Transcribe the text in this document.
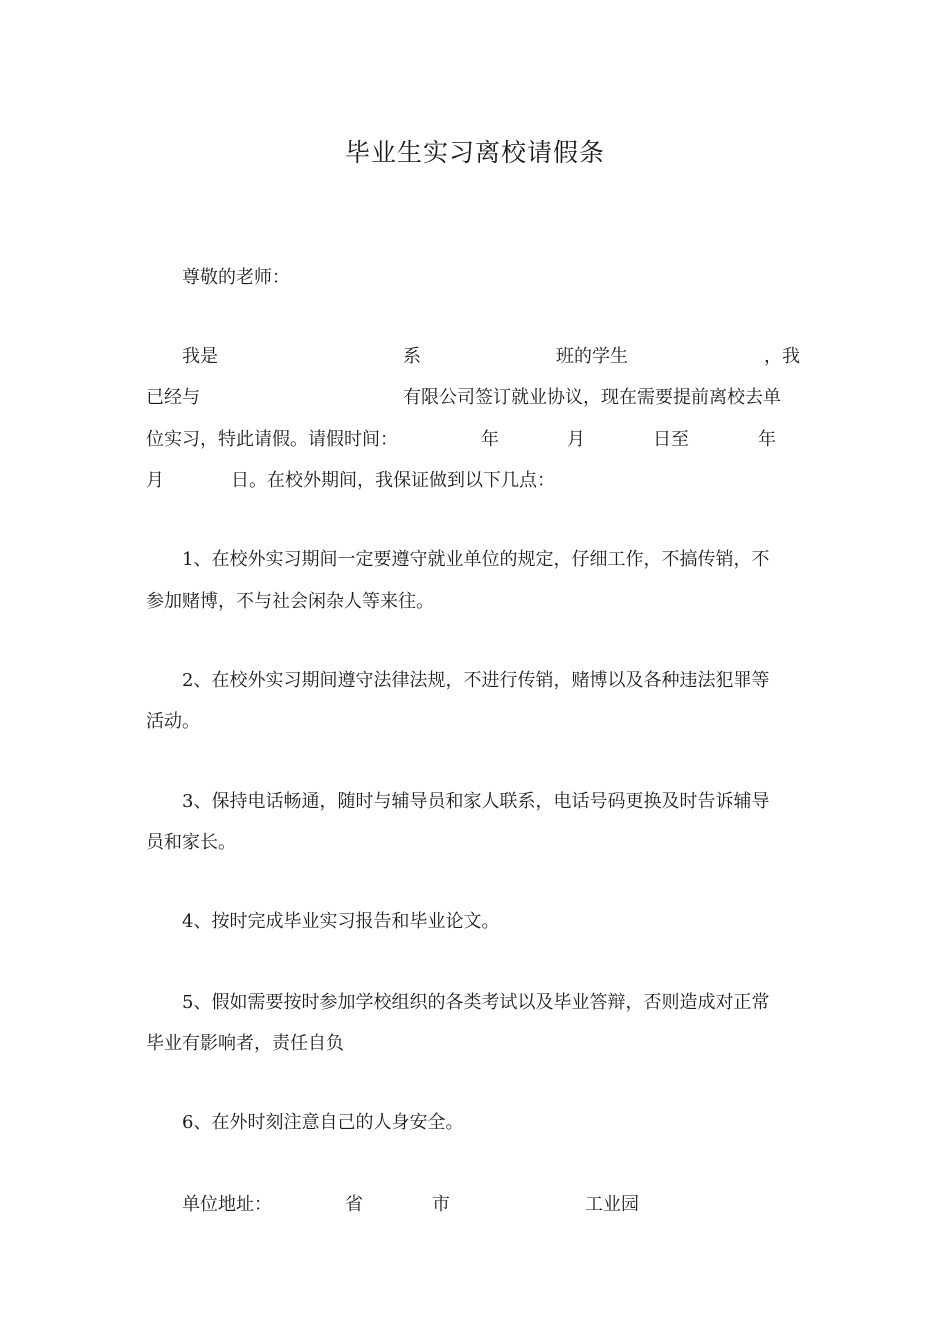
毕业生实习离校请假条
尊敬的老师：
我是	系	班的学生	，我
已经与	有限公司签订就业协议，现在需要提前离校去单
位实习，特此请假。请假时间：	年	月	日至	年
月	日。在校外期间，我保证做到以下几点：
1、在校外实习期间一定要遵守就业单位的规定，仔细工作，不搞传销，不
参加赌博，不与社会闲杂人等来往。
2、在校外实习期间遵守法律法规，不进行传销，赌博以及各种违法犯罪等
活动。
3、保持电话畅通，随时与辅导员和家人联系，电话号码更换及时告诉辅导
员和家长。
4、按时完成毕业实习报告和毕业论文。
5、假如需要按时参加学校组织的各类考试以及毕业答辩，否则造成对正常
毕业有影响者，责任自负
6、在外时刻注意自己的人身安全。
单位地址：	省	市	工业园
